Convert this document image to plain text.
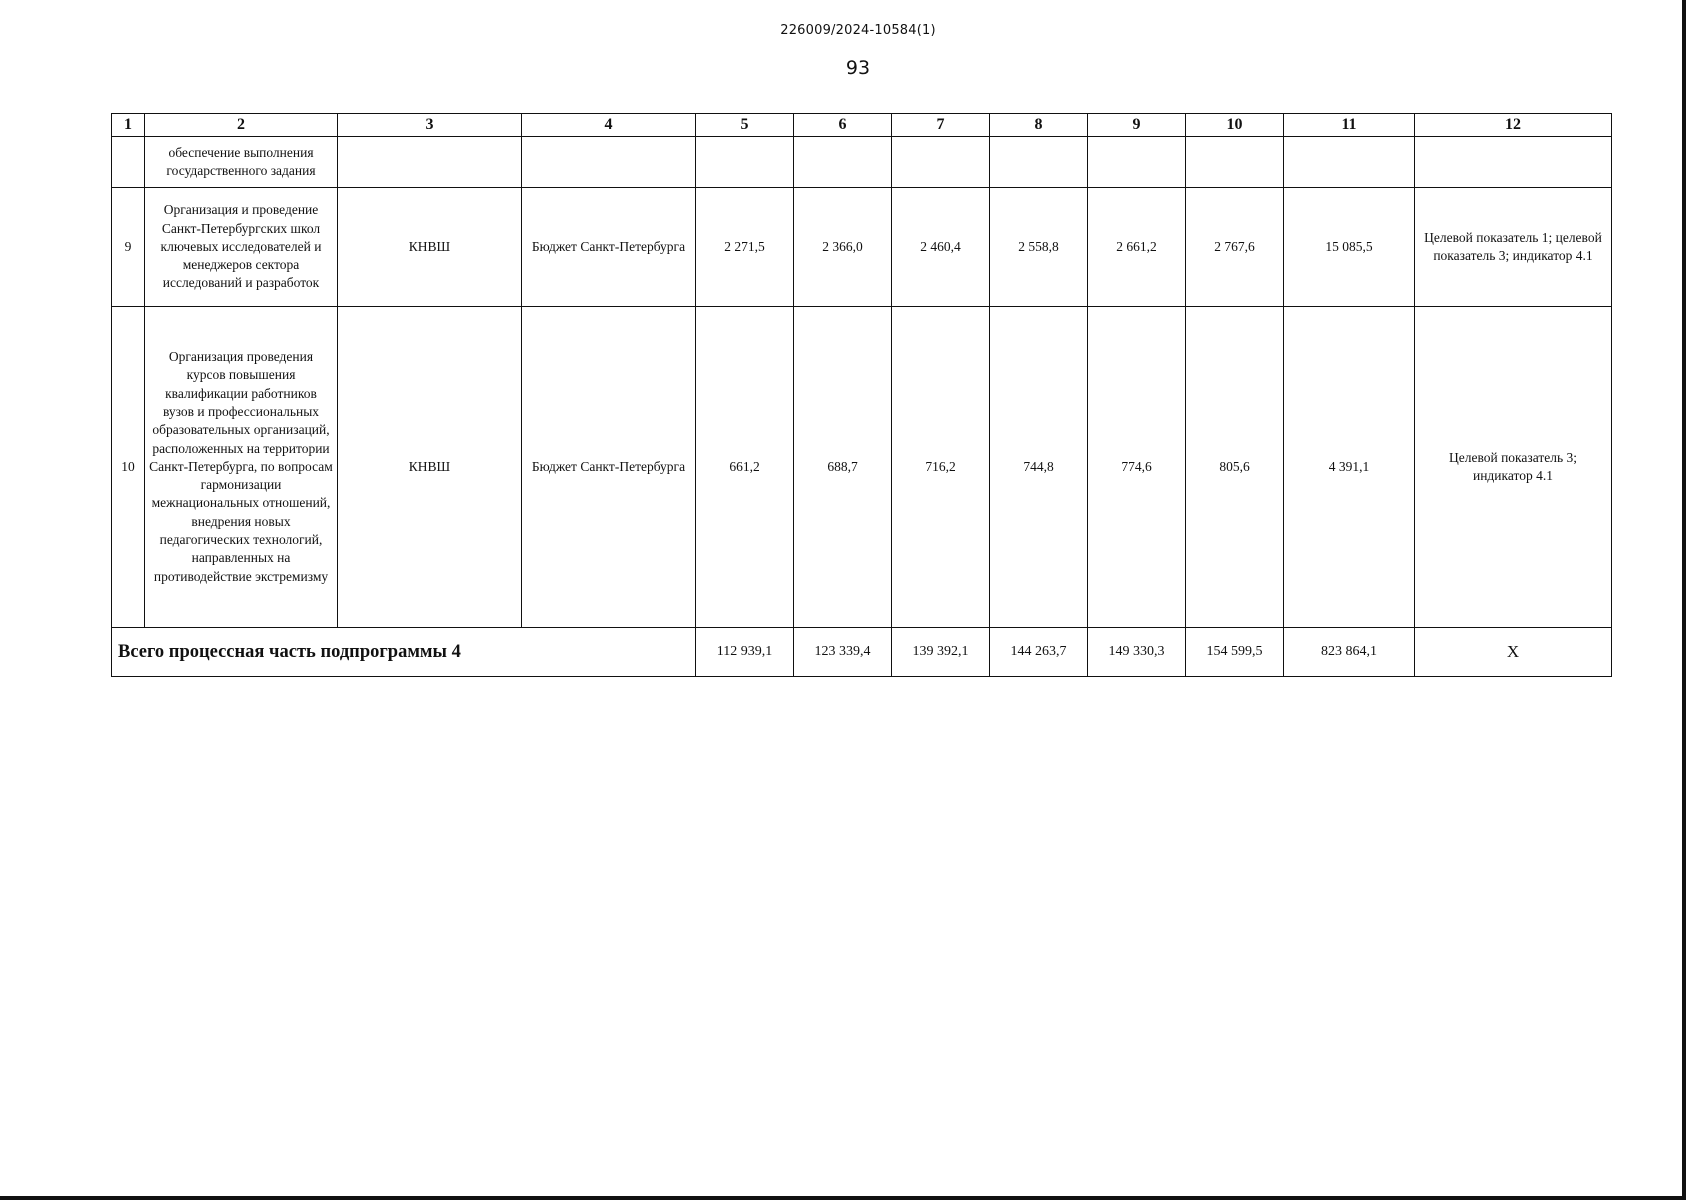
226009/2024-10584(1)
93
1	2	3	4	5	6	7	8	9	10	11	12
	обеспечение выполнения государственного задания										
9	Организация и проведение Санкт-Петербургских школ ключевых исследователей и менеджеров сектора исследований и разработок	КНВШ	Бюджет Санкт-Петербурга	2 271,5	2 366,0	2 460,4	2 558,8	2 661,2	2 767,6	15 085,5	Целевой показатель 1; целевой показатель 3; индикатор 4.1
10	Организация проведения курсов повышения квалификации работников вузов и профессиональных образовательных организаций, расположенных на территории Санкт-Петербурга, по вопросам гармонизации межнациональных отношений, внедрения новых педагогических технологий, направленных на противодействие экстремизму	КНВШ	Бюджет Санкт-Петербурга	661,2	688,7	716,2	744,8	774,6	805,6	4 391,1	Целевой показатель 3; индикатор 4.1
Всего процессная часть подпрограммы 4				112 939,1	123 339,4	139 392,1	144 263,7	149 330,3	154 599,5	823 864,1	Х
